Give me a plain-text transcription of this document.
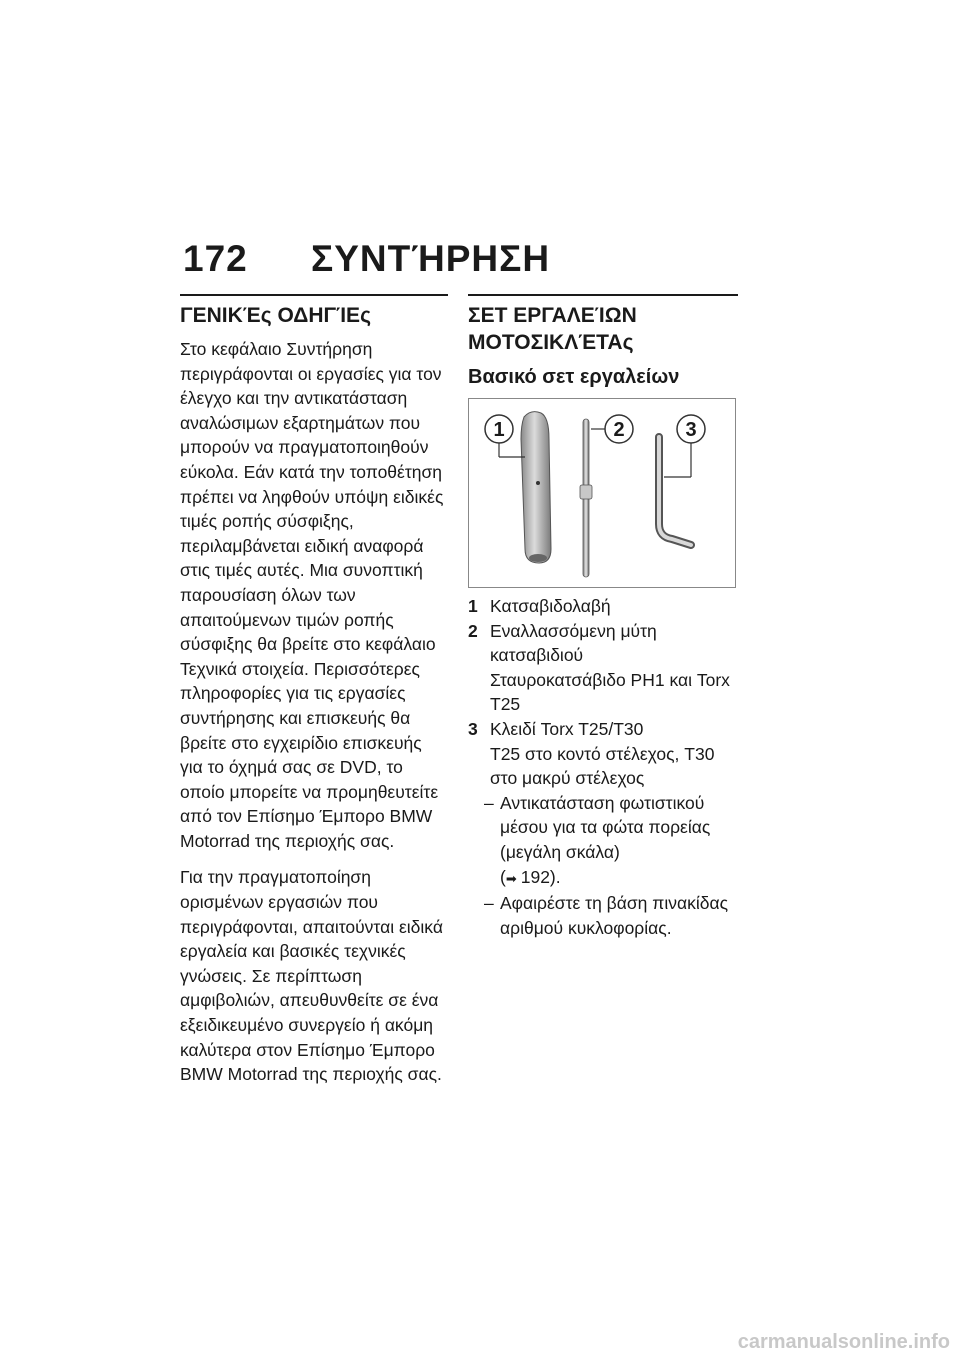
172 ΣΥΝΤΉΡΗΣΗ
ΓΕΝΙΚΈς ΟΔΗΓΊΕς

Στο κεφάλαιο Συντήρηση περιγράφονται οι εργασίες για τον έλεγχο και την αντικατάσταση αναλώσιμων εξαρτημάτων που μπορούν να πραγματοποιηθούν εύκολα. Εάν κατά την τοποθέτηση πρέπει να ληφθούν υπόψη ειδικές τιμές ροπής σύσφιξης, περιλαμβάνεται ειδική αναφορά στις τιμές αυτές. Μια συνοπτική παρουσίαση όλων των απαιτούμενων τιμών ροπής σύσφιξης θα βρείτε στο κεφάλαιο Τεχνικά στοιχεία. Περισσότερες πληροφορίες για τις εργασίες συντήρησης και επισκευής θα βρείτε στο εγχειρίδιο επισκευής για το όχημά σας σε DVD, το οποίο μπορείτε να προμηθευτείτε από τον Επίσημο Έμπορο BMW Motorrad της περιοχής σας.

Για την πραγματοποίηση ορισμένων εργασιών που περιγράφονται, απαιτούνται ειδικά εργαλεία και βασικές τεχνικές γνώσεις. Σε περίπτωση αμφιβολιών, απευθυνθείτε σε ένα εξειδικευμένο συνεργείο ή ακόμη καλύτερα στον Επίσημο Έμπορο BMW Motorrad της περιοχής σας.

ΣΕΤ ΕΡΓΑΛΕΊΩΝ ΜΟΤΟΣΙΚΛΈΤΑς
Βασικό σετ εργαλείων
1	2	3
1 Κατσαβιδολαβή
2 Εναλλασσόμενη μύτη κατσαβιδιού
Σταυροκατσάβιδο PH1 και Torx T25
3 Κλειδί Torx T25/T30
T25 στο κοντό στέλεχος, T30 στο μακρύ στέλεχος
– Αντικατάσταση φωτιστικού μέσου για τα φώτα πορείας (μεγάλη σκάλα)
(➡ 192).
– Αφαιρέστε τη βάση πινακίδας αριθμού κυκλοφορίας.
carmanualsonline.info
